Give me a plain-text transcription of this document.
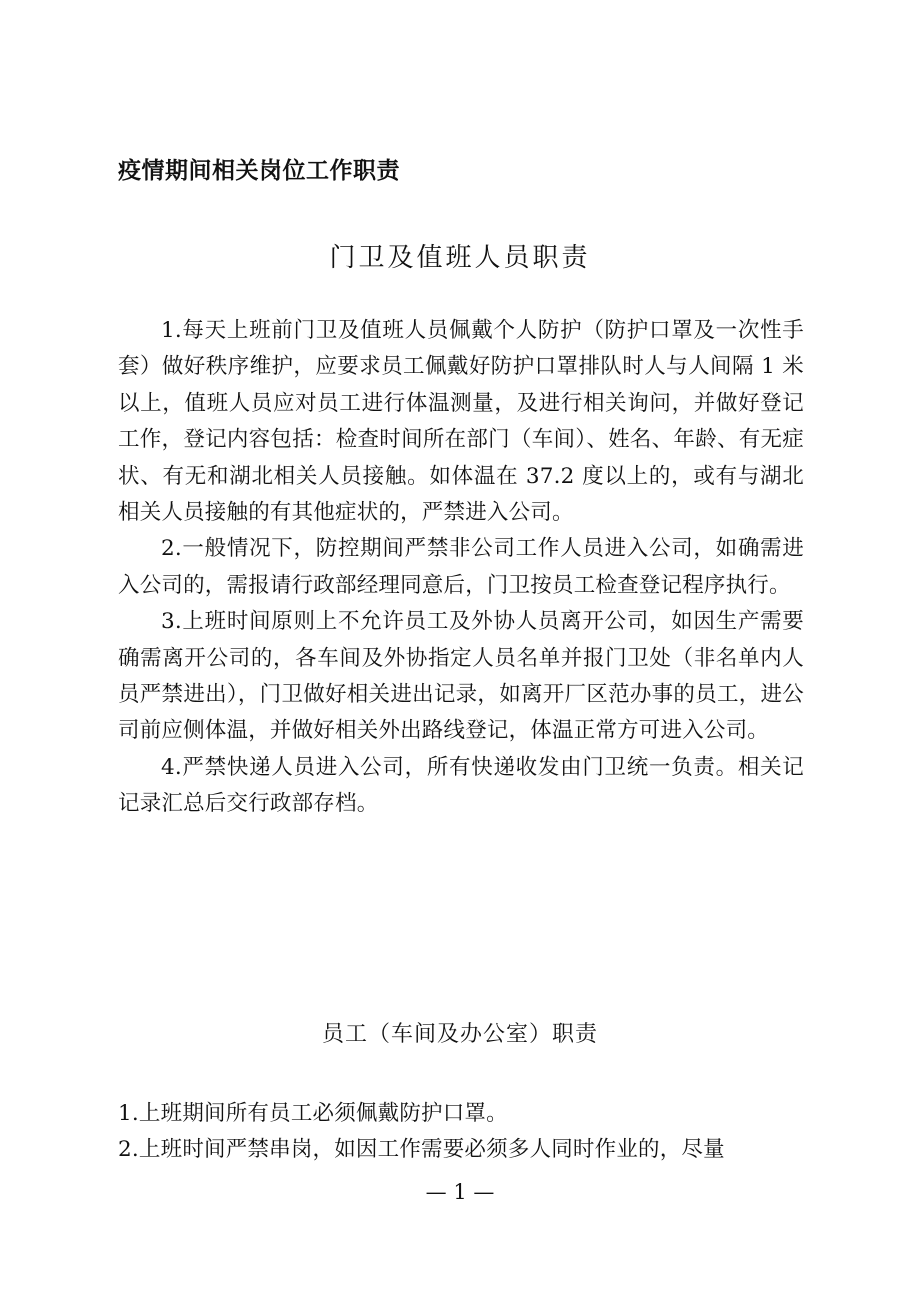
疫情期间相关岗位工作职责
门卫及值班人员职责

1.每天上班前门卫及值班人员佩戴个人防护（防护口罩及一次性手套）做好秩序维护，应要求员工佩戴好防护口罩排队时人与人间隔 1 米以上，值班人员应对员工进行体温测量，及进行相关询问，并做好登记工作，登记内容包括：检查时间所在部门（车间）、姓名、年龄、有无症状、有无和湖北相关人员接触。如体温在 37.2 度以上的，或有与湖北相关人员接触的有其他症状的，严禁进入公司。

2.一般情况下，防控期间严禁非公司工作人员进入公司，如确需进入公司的，需报请行政部经理同意后，门卫按员工检查登记程序执行。

3.上班时间原则上不允许员工及外协人员离开公司，如因生产需要确需离开公司的，各车间及外协指定人员名单并报门卫处（非名单内人员严禁进出），门卫做好相关进出记录，如离开厂区范办事的员工，进公司前应侧体温，并做好相关外出路线登记，体温正常方可进入公司。

4.严禁快递人员进入公司，所有快递收发由门卫统一负责。相关记记录汇总后交行政部存档。

员工（车间及办公室）职责

1.上班期间所有员工必须佩戴防护口罩。

2.上班时间严禁串岗，如因工作需要必须多人同时作业的，尽量

— 1 —
